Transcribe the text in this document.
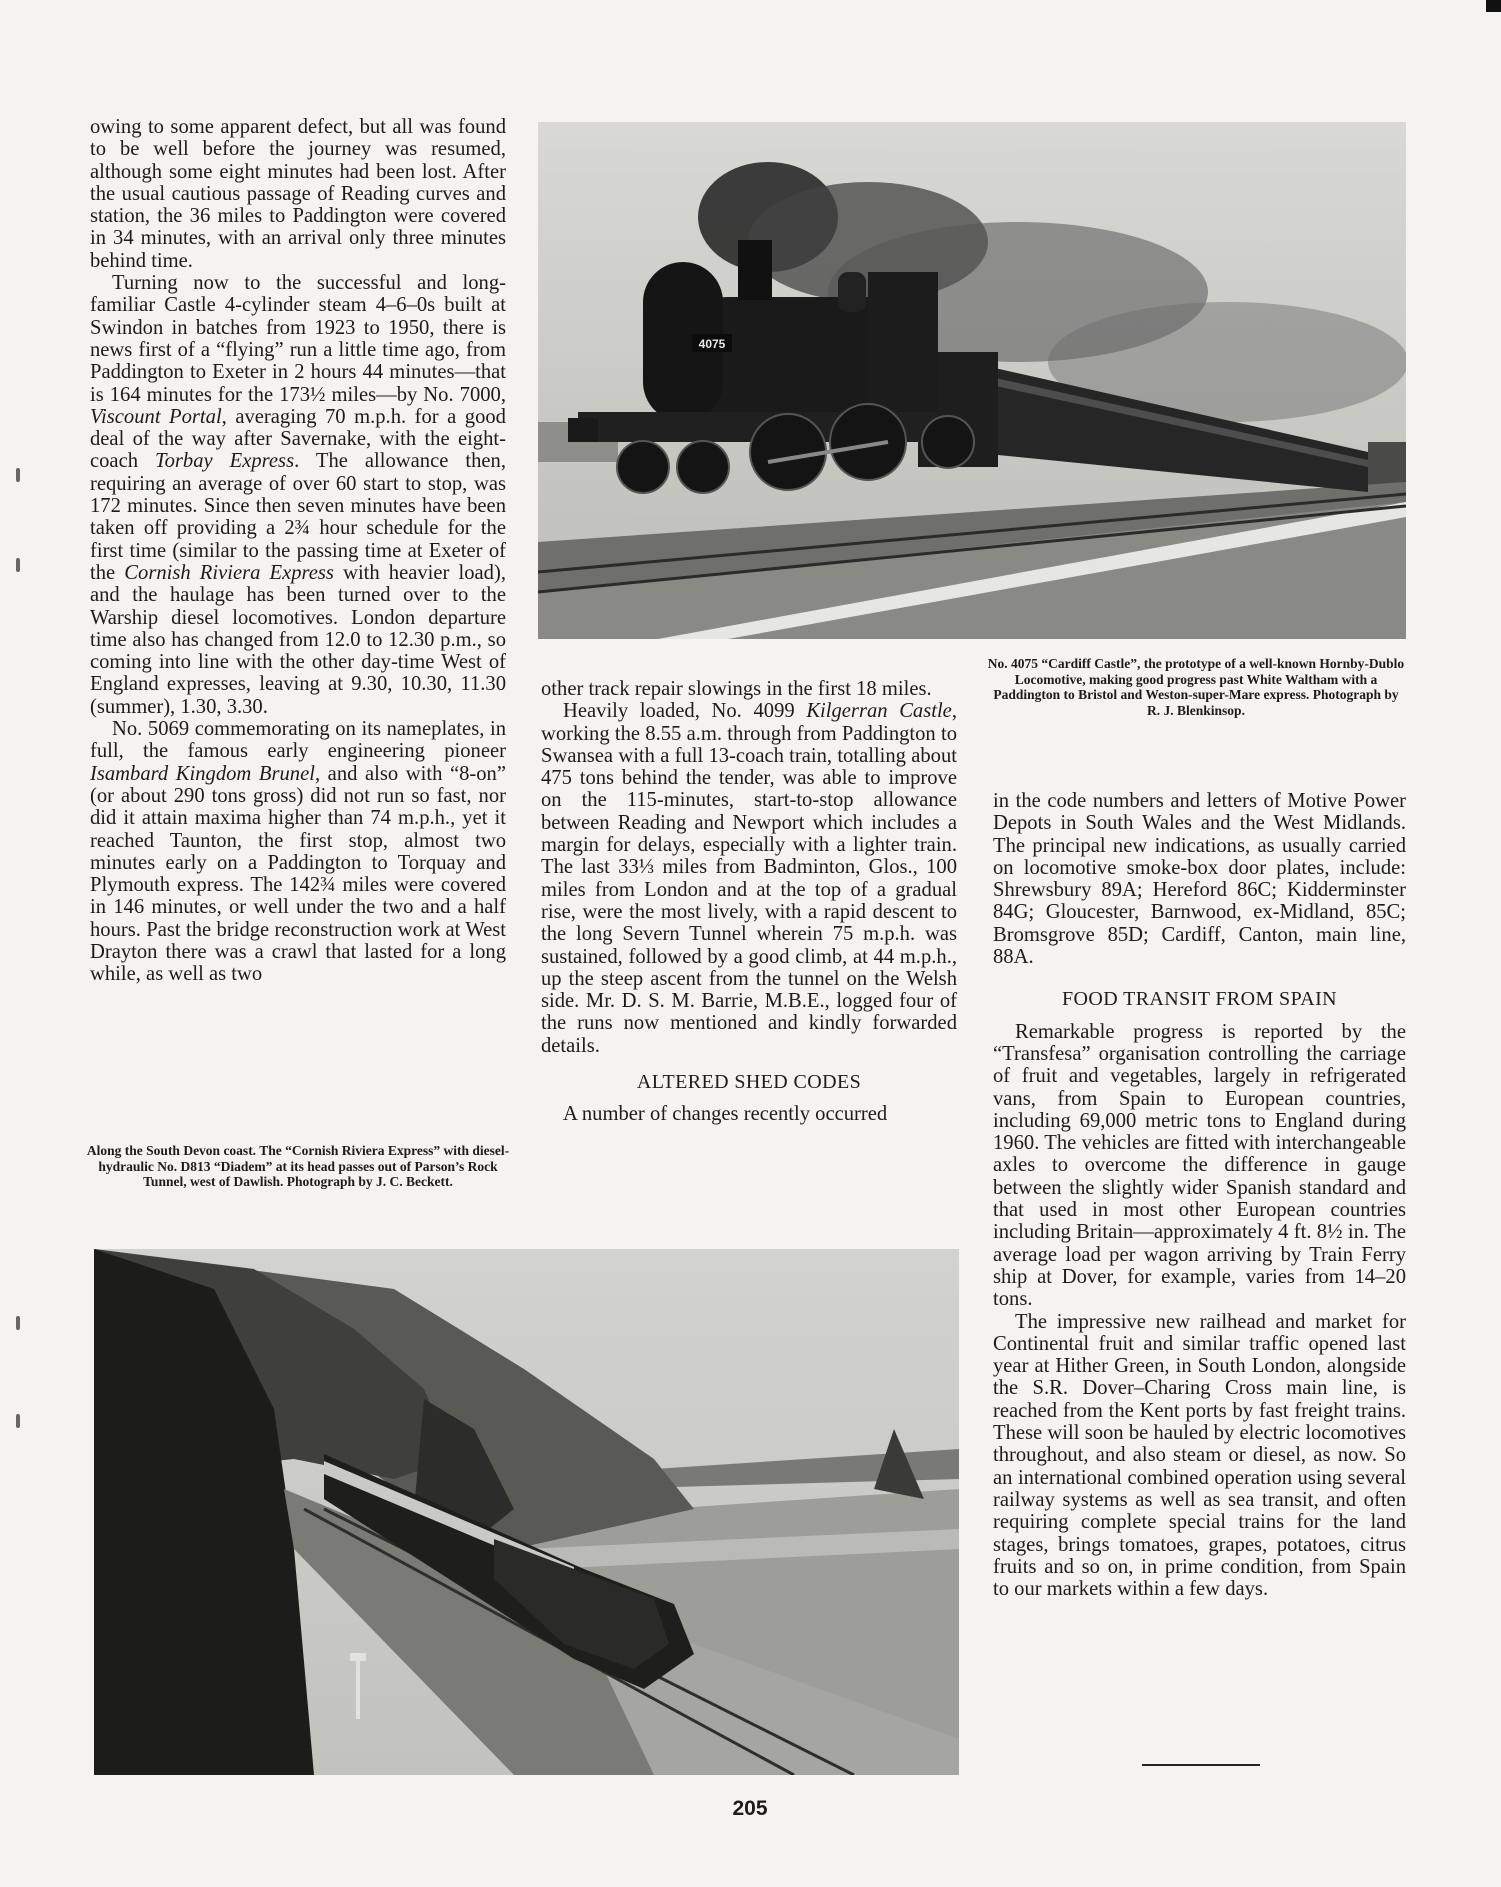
owing to some apparent defect, but all was found to be well before the journey was resumed, although some eight minutes had been lost. After the usual cautious passage of Reading curves and station, the 36 miles to Paddington were covered in 34 minutes, with an arrival only three minutes behind time.

Turning now to the successful and long-familiar Castle 4-cylinder steam 4–6–0s built at Swindon in batches from 1923 to 1950, there is news first of a “flying” run a little time ago, from Paddington to Exeter in 2 hours 44 minutes—that is 164 minutes for the 173½ miles—by No. 7000, Viscount Portal, averaging 70 m.p.h. for a good deal of the way after Savernake, with the eight-coach Torbay Express. The allowance then, requiring an average of over 60 start to stop, was 172 minutes. Since then seven minutes have been taken off providing a 2¾ hour schedule for the first time (similar to the passing time at Exeter of the Cornish Riviera Express with heavier load), and the haulage has been turned over to the Warship diesel locomotives. London departure time also has changed from 12.0 to 12.30 p.m., so coming into line with the other day-time West of England expresses, leaving at 9.30, 10.30, 11.30 (summer), 1.30, 3.30.

No. 5069 commemorating on its nameplates, in full, the famous early engineering pioneer Isambard Kingdom Brunel, and also with “8-on” (or about 290 tons gross) did not run so fast, nor did it attain maxima higher than 74 m.p.h., yet it reached Taunton, the first stop, almost two minutes early on a Paddington to Torquay and Plymouth express. The 142¾ miles were covered in 146 minutes, or well under the two and a half hours. Past the bridge reconstruction work at West Drayton there was a crawl that lasted for a long while, as well as two

Along the South Devon coast. The “Cornish Riviera Express” with diesel-hydraulic No. D813 “Diadem” at its head passes out of Parson’s Rock Tunnel, west of Dawlish. Photograph by J. C. Beckett.
4075
No. 4075 “Cardiff Castle”, the prototype of a well-known Hornby-Dublo Locomotive, making good progress past White Waltham with a Paddington to Bristol and Weston-super-Mare express. Photograph by R. J. Blenkinsop.

other track repair slowings in the first 18 miles.

Heavily loaded, No. 4099 Kilgerran Castle, working the 8.55 a.m. through from Paddington to Swansea with a full 13-coach train, totalling about 475 tons behind the tender, was able to improve on the 115-minutes, start-to-stop allowance between Reading and Newport which includes a margin for delays, especially with a lighter train. The last 33⅓ miles from Badminton, Glos., 100 miles from London and at the top of a gradual rise, were the most lively, with a rapid descent to the long Severn Tunnel wherein 75 m.p.h. was sustained, followed by a good climb, at 44 m.p.h., up the steep ascent from the tunnel on the Welsh side. Mr. D. S. M. Barrie, M.B.E., logged four of the runs now mentioned and kindly forwarded details.

ALTERED SHED CODES

A number of changes recently occurred

in the code numbers and letters of Motive Power Depots in South Wales and the West Midlands. The principal new indications, as usually carried on locomotive smoke-box door plates, include: Shrewsbury 89A; Hereford 86C; Kidderminster 84G; Gloucester, Barnwood, ex-Midland, 85C; Bromsgrove 85D; Cardiff, Canton, main line, 88A.

FOOD TRANSIT FROM SPAIN

Remarkable progress is reported by the “Transfesa” organisation controlling the carriage of fruit and vegetables, largely in refrigerated vans, from Spain to European countries, including 69,000 metric tons to England during 1960. The vehicles are fitted with interchangeable axles to overcome the difference in gauge between the slightly wider Spanish standard and that used in most other European countries including Britain—approximately 4 ft. 8½ in. The average load per wagon arriving by Train Ferry ship at Dover, for example, varies from 14–20 tons.

The impressive new railhead and market for Continental fruit and similar traffic opened last year at Hither Green, in South London, alongside the S.R. Dover–Charing Cross main line, is reached from the Kent ports by fast freight trains. These will soon be hauled by electric locomotives throughout, and also steam or diesel, as now. So an international combined operation using several railway systems as well as sea transit, and often requiring complete special trains for the land stages, brings tomatoes, grapes, potatoes, citrus fruits and so on, in prime condition, from Spain to our markets within a few days.

205
